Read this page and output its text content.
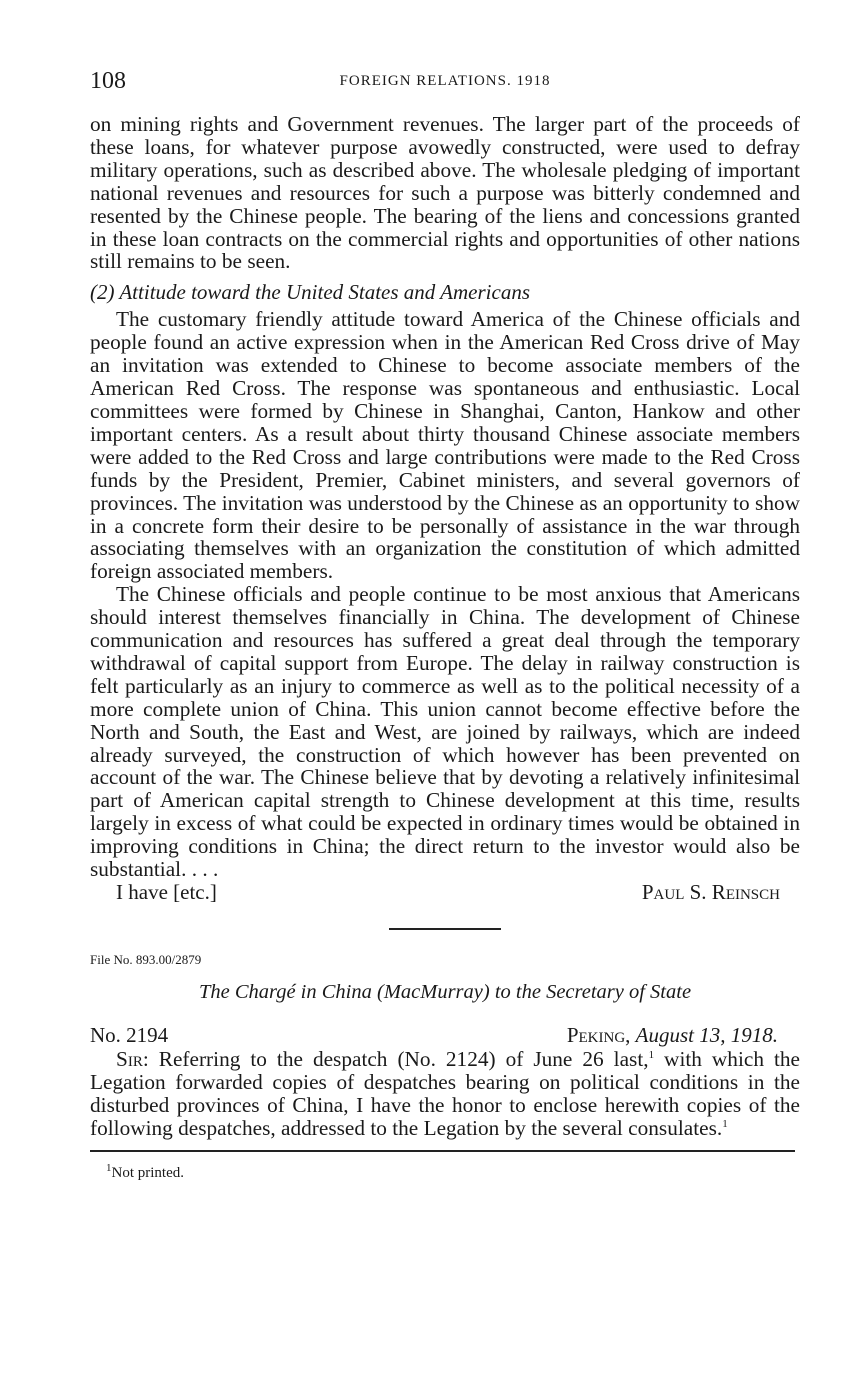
108	FOREIGN RELATIONS. 1918

on mining rights and Government revenues. The larger part of the proceeds of these loans, for whatever purpose avowedly constructed, were used to defray military operations, such as described above. The wholesale pledging of important national revenues and resources for such a purpose was bitterly condemned and resented by the Chinese people. The bearing of the liens and concessions granted in these loan contracts on the commercial rights and opportunities of other nations still remains to be seen.

(2) Attitude toward the United States and Americans

The customary friendly attitude toward America of the Chinese officials and people found an active expression when in the American Red Cross drive of May an invitation was extended to Chinese to become associate members of the American Red Cross. The response was spontaneous and enthusiastic. Local committees were formed by Chinese in Shanghai, Canton, Hankow and other important centers. As a result about thirty thousand Chinese associate members were added to the Red Cross and large contributions were made to the Red Cross funds by the President, Premier, Cabinet ministers, and several governors of provinces. The invitation was understood by the Chinese as an opportunity to show in a concrete form their desire to be personally of assistance in the war through associating themselves with an organization the constitution of which admitted foreign associated members.

The Chinese officials and people continue to be most anxious that Americans should interest themselves financially in China. The development of Chinese communication and resources has suffered a great deal through the temporary withdrawal of capital support from Europe. The delay in railway construction is felt particularly as an injury to commerce as well as to the political necessity of a more complete union of China. This union cannot become effective before the North and South, the East and West, are joined by railways, which are indeed already surveyed, the construction of which however has been prevented on account of the war. The Chinese believe that by devoting a relatively infinitesimal part of American capital strength to Chinese development at this time, results largely in excess of what could be expected in ordinary times would be obtained in improving conditions in China; the direct return to the investor would also be substantial. . . .

I have [etc.]	Paul S. Reinsch
File No. 893.00/2879
The Chargé in China (MacMurray) to the Secretary of State
No. 2194	Peking, August 13, 1918.

Sir: Referring to the despatch (No. 2124) of June 26 last,$^1$ with which the Legation forwarded copies of despatches bearing on political conditions in the disturbed provinces of China, I have the honor to enclose herewith copies of the following despatches, addressed to the Legation by the several consulates.$^1$

$^1$Not printed.
